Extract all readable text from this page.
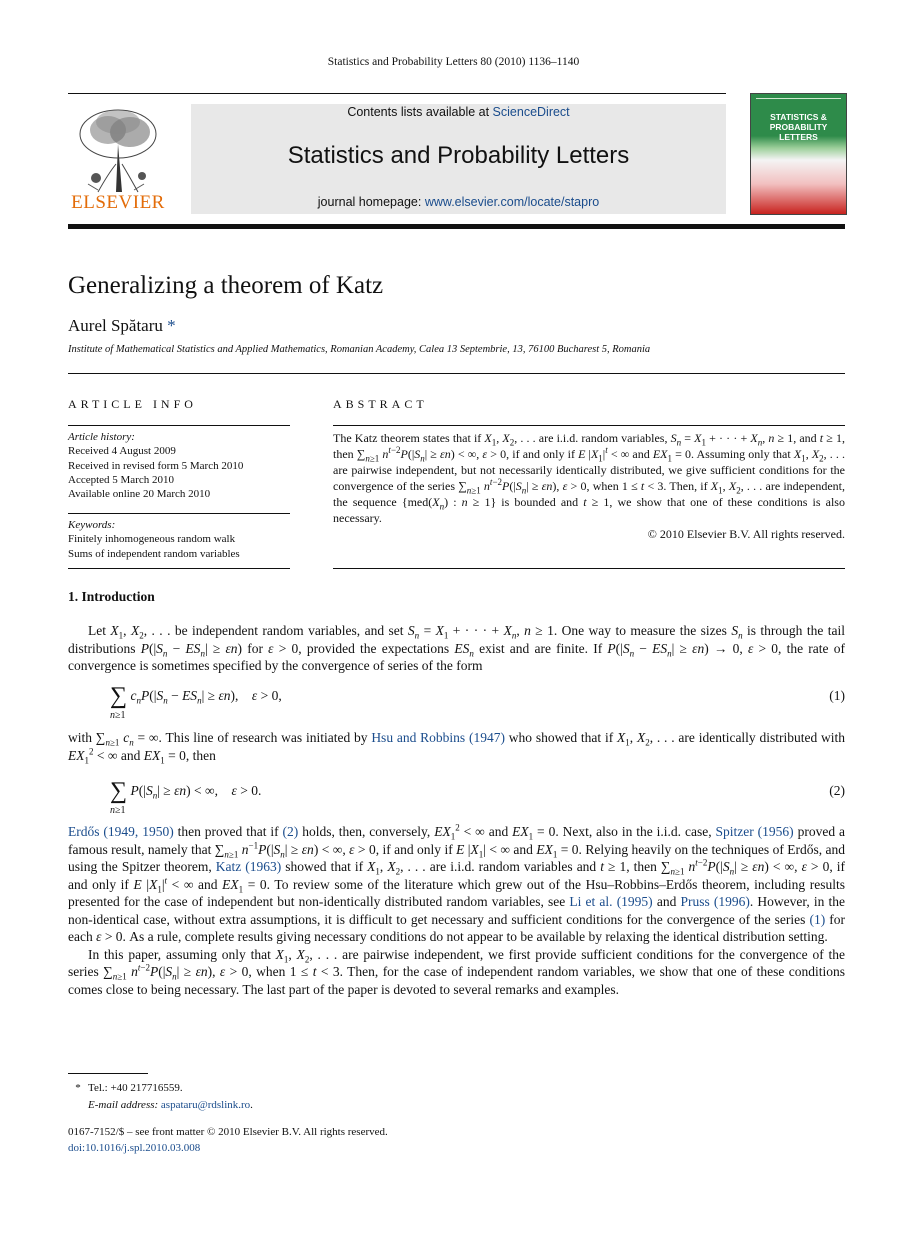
Statistics and Probability Letters 80 (2010) 1136–1140
ELSEVIER
Contents lists available at ScienceDirect
Statistics and Probability Letters
journal homepage: www.elsevier.com/locate/stapro
STATISTICS &
PROBABILITY
LETTERS
Generalizing a theorem of Katz
Aurel Spătaru *
Institute of Mathematical Statistics and Applied Mathematics, Romanian Academy, Calea 13 Septembrie, 13, 76100 Bucharest 5, Romania
ARTICLE INFO
Article history:
Received 4 August 2009
Received in revised form 5 March 2010
Accepted 5 March 2010
Available online 20 March 2010
Keywords:
Finitely inhomogeneous random walk
Sums of independent random variables
ABSTRACT
The Katz theorem states that if $X_1$, $X_2$, . . . are i.i.d. random variables, $S_n = X_1$ + · · · + $X_n$, n ≥ 1, and t ≥ 1, then $\sum_{n\ge 1}$ $n^{t-2}P(|S_n| \ge \varepsilon n)$ < ∞, ε > 0, if and only if E $|X_1|^t$ < ∞ and $EX_1 = 0$. Assuming only that $X_1$, $X_2$, . . . are pairwise independent, but not necessarily identically distributed, we give sufficient conditions for the convergence of the series $\sum_{n\ge 1}$ $n^{t-2}P(|S_n| \ge \varepsilon n)$, ε > 0, when 1 ≤ t < 3. Then, if $X_1$, $X_2$, . . . are independent, the sequence {$med(X_n)$ : n ≥ 1} is bounded and t ≥ 1, we show that one of these conditions is also necessary.
© 2010 Elsevier B.V. All rights reserved.
1. Introduction

Let $X_1$, $X_2$, . . . be independent random variables, and set $S_n = X_1$ + · · · + $X_n$, n ≥ 1. One way to measure the sizes $S_n$ is through the tail distributions $P(|S_n - ES_n| \ge \varepsilon n)$ for ε > 0, provided the expectations $ES_n$ exist and are finite. If $P(|S_n - ES_n| \ge \varepsilon n) \to 0$, ε > 0, the rate of convergence is sometimes specified by the convergence of series of the form

∑ $c_nP(|S_n - ES_n| \ge \varepsilon n)$,    ε > 0,
n≥1
(1)

with $\sum_{n\ge 1}$ $c_n$ = ∞. This line of research was initiated by Hsu and Robbins (1947) who showed that if $X_1$, $X_2$, . . . are identically distributed with $EX_1^2$ < ∞ and $EX_1 = 0$, then

∑ $P(|S_n| \ge \varepsilon n)$ < ∞,    ε > 0.
n≥1
(2)

Erdős (1949, 1950) then proved that if (2) holds, then, conversely, $EX_1^2$ < ∞ and $EX_1 = 0$. Next, also in the i.i.d. case, Spitzer (1956) proved a famous result, namely that $\sum_{n\ge 1}$ $n^{-1}P(|S_n| \ge \varepsilon n)$ < ∞, ε > 0, if and only if E $|X_1|$ < ∞ and $EX_1 = 0$. Relying heavily on the techniques of Erdős, and using the Spitzer theorem, Katz (1963) showed that if $X_1$, $X_2$, . . . are i.i.d. random variables and t ≥ 1, then $\sum_{n\ge 1}$ $n^{t-2}P(|S_n| \ge \varepsilon n)$ < ∞, ε > 0, if and only if E $|X_1|^t$ < ∞ and $EX_1 = 0$. To review some of the literature which grew out of the Hsu–Robbins–Erdős theorem, including results presented for the case of independent but non-identically distributed random variables, see Li et al. (1995) and Pruss (1996). However, in the non-identical case, without extra assumptions, it is difficult to get necessary and sufficient conditions for the convergence of the series (1) for each ε > 0. As a rule, complete results giving necessary conditions do not appear to be available by relaxing the identical distribution setting.

In this paper, assuming only that $X_1$, $X_2$, . . . are pairwise independent, we first provide sufficient conditions for the convergence of the series $\sum_{n\ge 1}$ $n^{t-2}P(|S_n| \ge \varepsilon n)$, ε > 0, when 1 ≤ t < 3. Then, for the case of independent random variables, we show that one of these conditions comes close to being necessary. The last part of the paper is devoted to several remarks and examples.

* Tel.: +40 217716559.
E-mail address: aspataru@rdslink.ro.
0167-7152/$ – see front matter © 2010 Elsevier B.V. All rights reserved.
doi:10.1016/j.spl.2010.03.008
